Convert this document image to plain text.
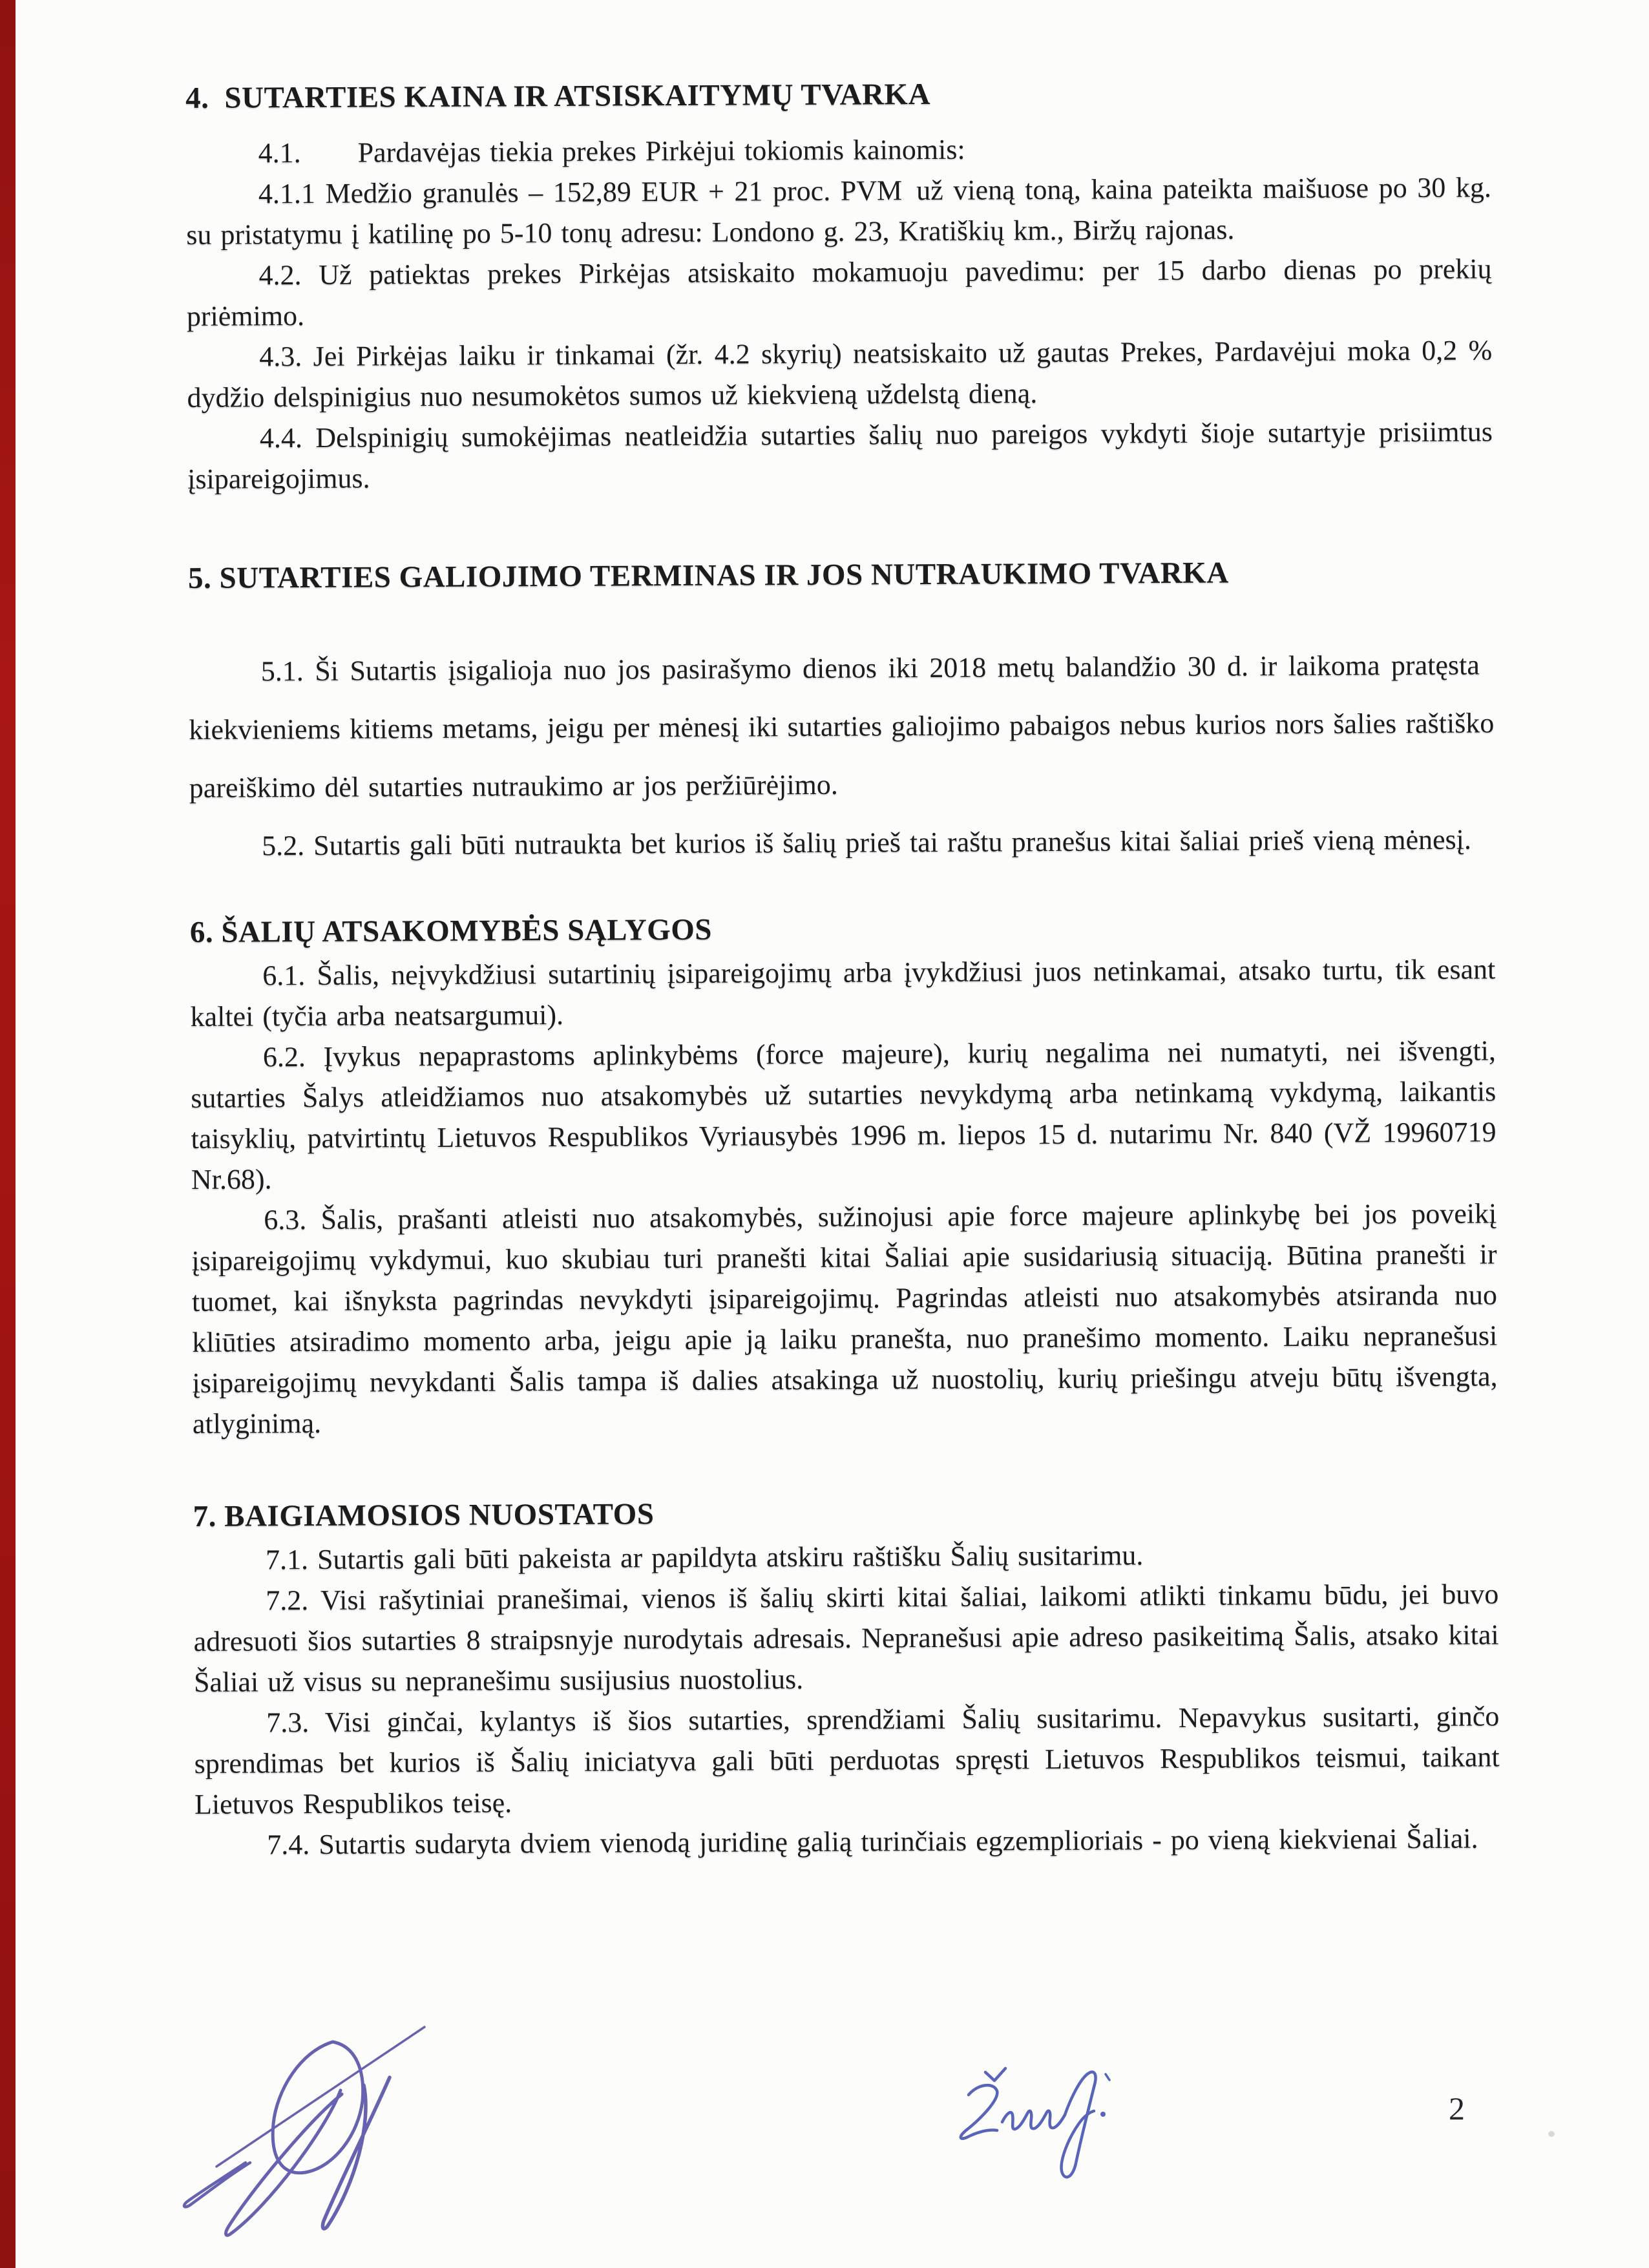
4. SUTARTIES KAINA IR ATSISKAITYMŲ TVARKA

4.1.  Pardavėjas tiekia prekes Pirkėjui tokiomis kainomis:

4.1.1 Medžio granulės – 152,89 EUR + 21 proc. PVM už vieną toną, kaina pateikta maišuose po 30 kg. su pristatymu į katilinę po 5-10 tonų adresu: Londono g. 23, Kratiškių km., Biržų rajonas.

4.2. Už patiektas prekes Pirkėjas atsiskaito mokamuoju pavedimu: per 15 darbo dienas po prekių priėmimo.

4.3. Jei Pirkėjas laiku ir tinkamai (žr. 4.2 skyrių) neatsiskaito už gautas Prekes, Pardavėjui moka 0,2 % dydžio delspinigius nuo nesumokėtos sumos už kiekvieną uždelstą dieną.

4.4. Delspinigių sumokėjimas neatleidžia sutarties šalių nuo pareigos vykdyti šioje sutartyje prisiimtus įsipareigojimus.

5. SUTARTIES GALIOJIMO TERMINAS IR JOS NUTRAUKIMO TVARKA

5.1. Ši Sutartis įsigalioja nuo jos pasirašymo dienos iki 2018 metų balandžio 30 d. ir laikoma pratęsta kiekvieniems kitiems metams, jeigu per mėnesį iki sutarties galiojimo pabaigos nebus kurios nors šalies raštiško pareiškimo dėl sutarties nutraukimo ar jos peržiūrėjimo.

5.2. Sutartis gali būti nutraukta bet kurios iš šalių prieš tai raštu pranešus kitai šaliai prieš vieną mėnesį.

6. ŠALIŲ ATSAKOMYBĖS SĄLYGOS

6.1. Šalis, neįvykdžiusi sutartinių įsipareigojimų arba įvykdžiusi juos netinkamai, atsako turtu, tik esant kaltei (tyčia arba neatsargumui).

6.2. Įvykus nepaprastoms aplinkybėms (force majeure), kurių negalima nei numatyti, nei išvengti, sutarties Šalys atleidžiamos nuo atsakomybės už sutarties nevykdymą arba netinkamą vykdymą, laikantis taisyklių, patvirtintų Lietuvos Respublikos Vyriausybės 1996 m. liepos 15 d. nutarimu Nr. 840 (VŽ 19960719 Nr.68).

6.3. Šalis, prašanti atleisti nuo atsakomybės, sužinojusi apie force majeure aplinkybę bei jos poveikį įsipareigojimų vykdymui, kuo skubiau turi pranešti kitai Šaliai apie susidariusią situaciją. Būtina pranešti ir tuomet, kai išnyksta pagrindas nevykdyti įsipareigojimų. Pagrindas atleisti nuo atsakomybės atsiranda nuo kliūties atsiradimo momento arba, jeigu apie ją laiku pranešta, nuo pranešimo momento. Laiku nepranešusi įsipareigojimų nevykdanti Šalis tampa iš dalies atsakinga už nuostolių, kurių priešingu atveju būtų išvengta, atlyginimą.

7. BAIGIAMOSIOS NUOSTATOS

7.1. Sutartis gali būti pakeista ar papildyta atskiru raštišku Šalių susitarimu.

7.2. Visi rašytiniai pranešimai, vienos iš šalių skirti kitai šaliai, laikomi atlikti tinkamu būdu, jei buvo adresuoti šios sutarties 8 straipsnyje nurodytais adresais. Nepranešusi apie adreso pasikeitimą Šalis, atsako kitai Šaliai už visus su nepranešimu susijusius nuostolius.

7.3. Visi ginčai, kylantys iš šios sutarties, sprendžiami Šalių susitarimu. Nepavykus susitarti, ginčo sprendimas bet kurios iš Šalių iniciatyva gali būti perduotas spręsti Lietuvos Respublikos teismui, taikant Lietuvos Respublikos teisę.

7.4. Sutartis sudaryta dviem vienodą juridinę galią turinčiais egzemplioriais - po vieną kiekvienai Šaliai.

2
